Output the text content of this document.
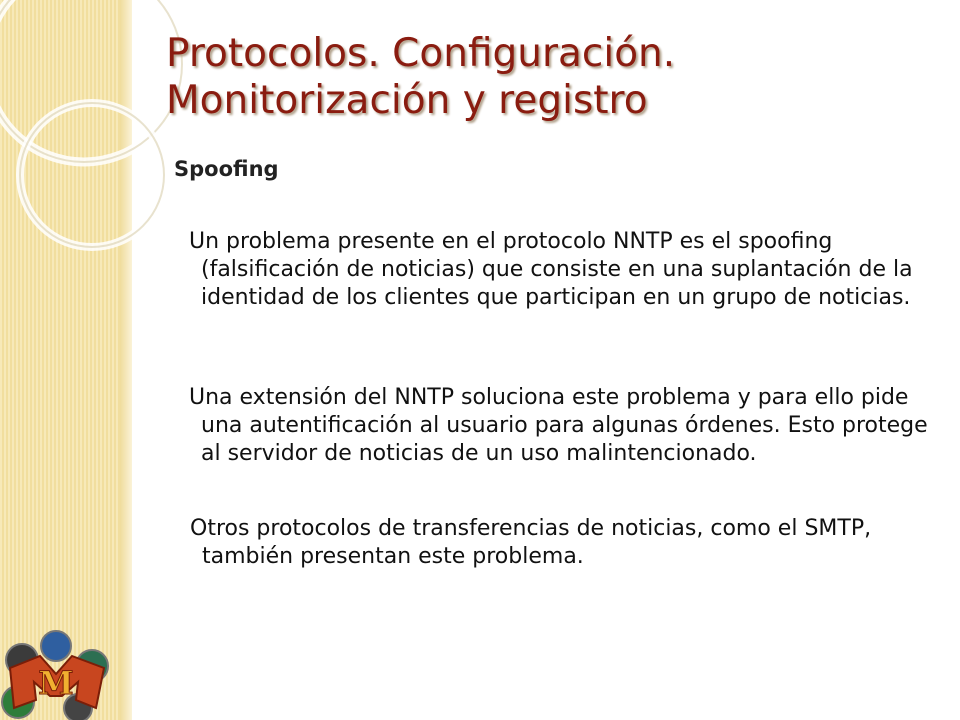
Protocolos. Configuración.
Monitorización y registro
Spoofing

Un problema presente en el protocolo NNTP es el spoofing (falsificación de noticias) que consiste en una suplantación de la identidad de los clientes que participan en un grupo de noticias.

Una extensión del NNTP soluciona este problema y para ello pide una autentificación al usuario para algunas órdenes. Esto protege al servidor de noticias de un uso malintencionado.

Otros protocolos de transferencias de noticias, como el SMTP, también presentan este problema.

M
